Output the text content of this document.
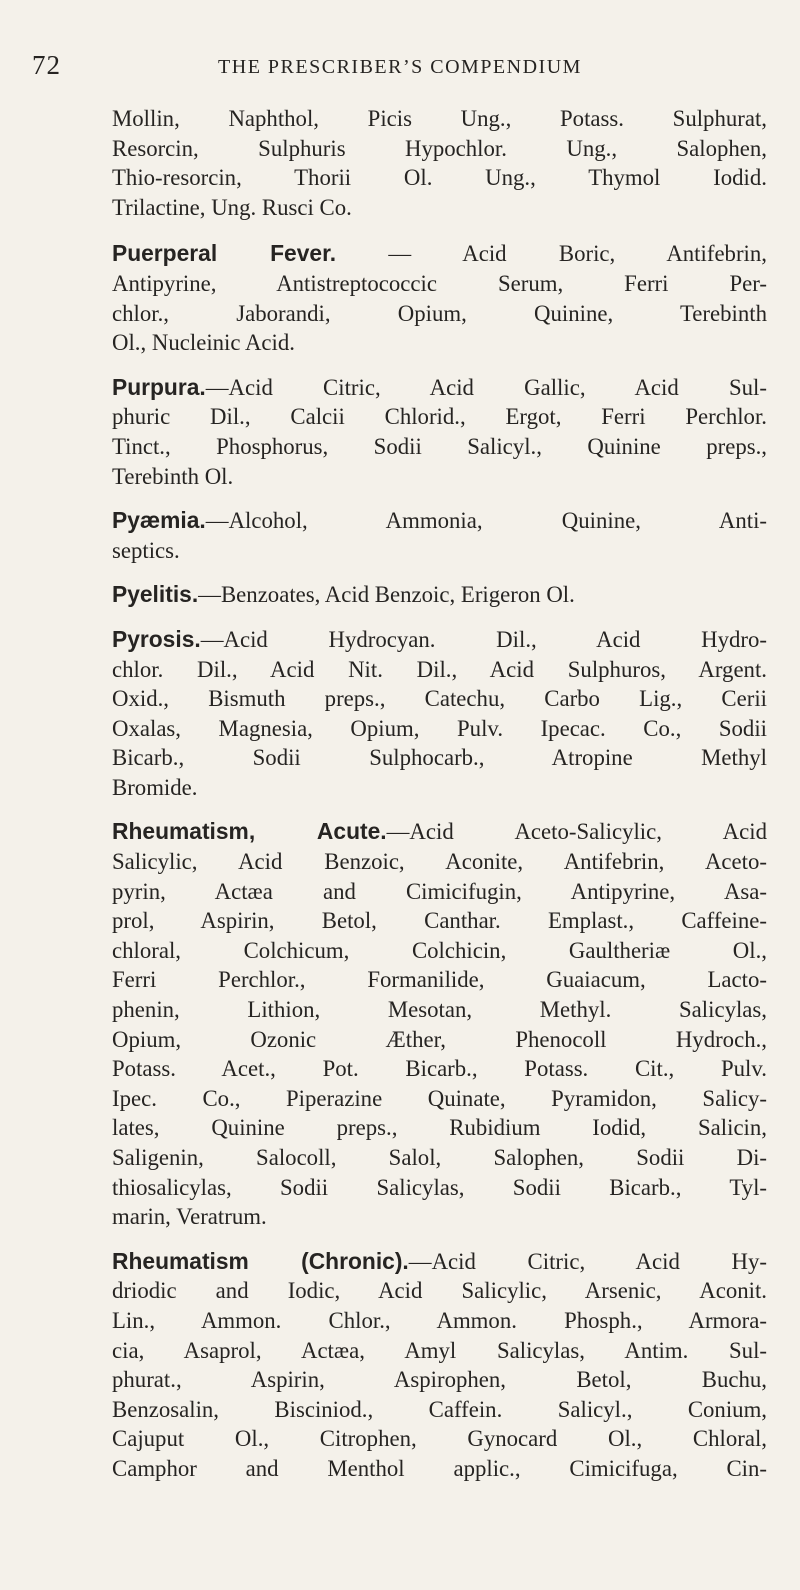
72	THE PRESCRIBER’S COMPENDIUM
Mollin, Naphthol, Picis Ung., Potass. Sulphurat,
Resorcin, Sulphuris Hypochlor. Ung., Salophen,
Thio-resorcin, Thorii Ol. Ung., Thymol Iodid.
Trilactine, Ung. Rusci Co.
Puerperal Fever. — Acid Boric, Antifebrin,
Antipyrine, Antistreptococcic Serum, Ferri Per-
chlor., Jaborandi, Opium, Quinine, Terebinth
Ol., Nucleinic Acid.
Purpura.—Acid Citric, Acid Gallic, Acid Sul-
phuric Dil., Calcii Chlorid., Ergot, Ferri Perchlor.
Tinct., Phosphorus, Sodii Salicyl., Quinine preps.,
Terebinth Ol.
Pyæmia.—Alcohol, Ammonia, Quinine, Anti-
septics.
Pyelitis.—Benzoates, Acid Benzoic, Erigeron Ol.
Pyrosis.—Acid Hydrocyan. Dil., Acid Hydro-
chlor. Dil., Acid Nit. Dil., Acid Sulphuros, Argent.
Oxid., Bismuth preps., Catechu, Carbo Lig., Cerii
Oxalas, Magnesia, Opium, Pulv. Ipecac. Co., Sodii
Bicarb., Sodii Sulphocarb., Atropine Methyl
Bromide.
Rheumatism, Acute.—Acid Aceto-Salicylic, Acid
Salicylic, Acid Benzoic, Aconite, Antifebrin, Aceto-
pyrin, Actæa and Cimicifugin, Antipyrine, Asa-
prol, Aspirin, Betol, Canthar. Emplast., Caffeine-
chloral, Colchicum, Colchicin, Gaultheriæ Ol.,
Ferri Perchlor., Formanilide, Guaiacum, Lacto-
phenin, Lithion, Mesotan, Methyl. Salicylas,
Opium, Ozonic Æther, Phenocoll Hydroch.,
Potass. Acet., Pot. Bicarb., Potass. Cit., Pulv.
Ipec. Co., Piperazine Quinate, Pyramidon, Salicy-
lates, Quinine preps., Rubidium Iodid, Salicin,
Saligenin, Salocoll, Salol, Salophen, Sodii Di-
thiosalicylas, Sodii Salicylas, Sodii Bicarb., Tyl-
marin, Veratrum.
Rheumatism (Chronic).—Acid Citric, Acid Hy-
driodic and Iodic, Acid Salicylic, Arsenic, Aconit.
Lin., Ammon. Chlor., Ammon. Phosph., Armora-
cia, Asaprol, Actæa, Amyl Salicylas, Antim. Sul-
phurat., Aspirin, Aspirophen, Betol, Buchu,
Benzosalin, Bisciniod., Caffein. Salicyl., Conium,
Cajuput Ol., Citrophen, Gynocard Ol., Chloral,
Camphor and Menthol applic., Cimicifuga, Cin-
